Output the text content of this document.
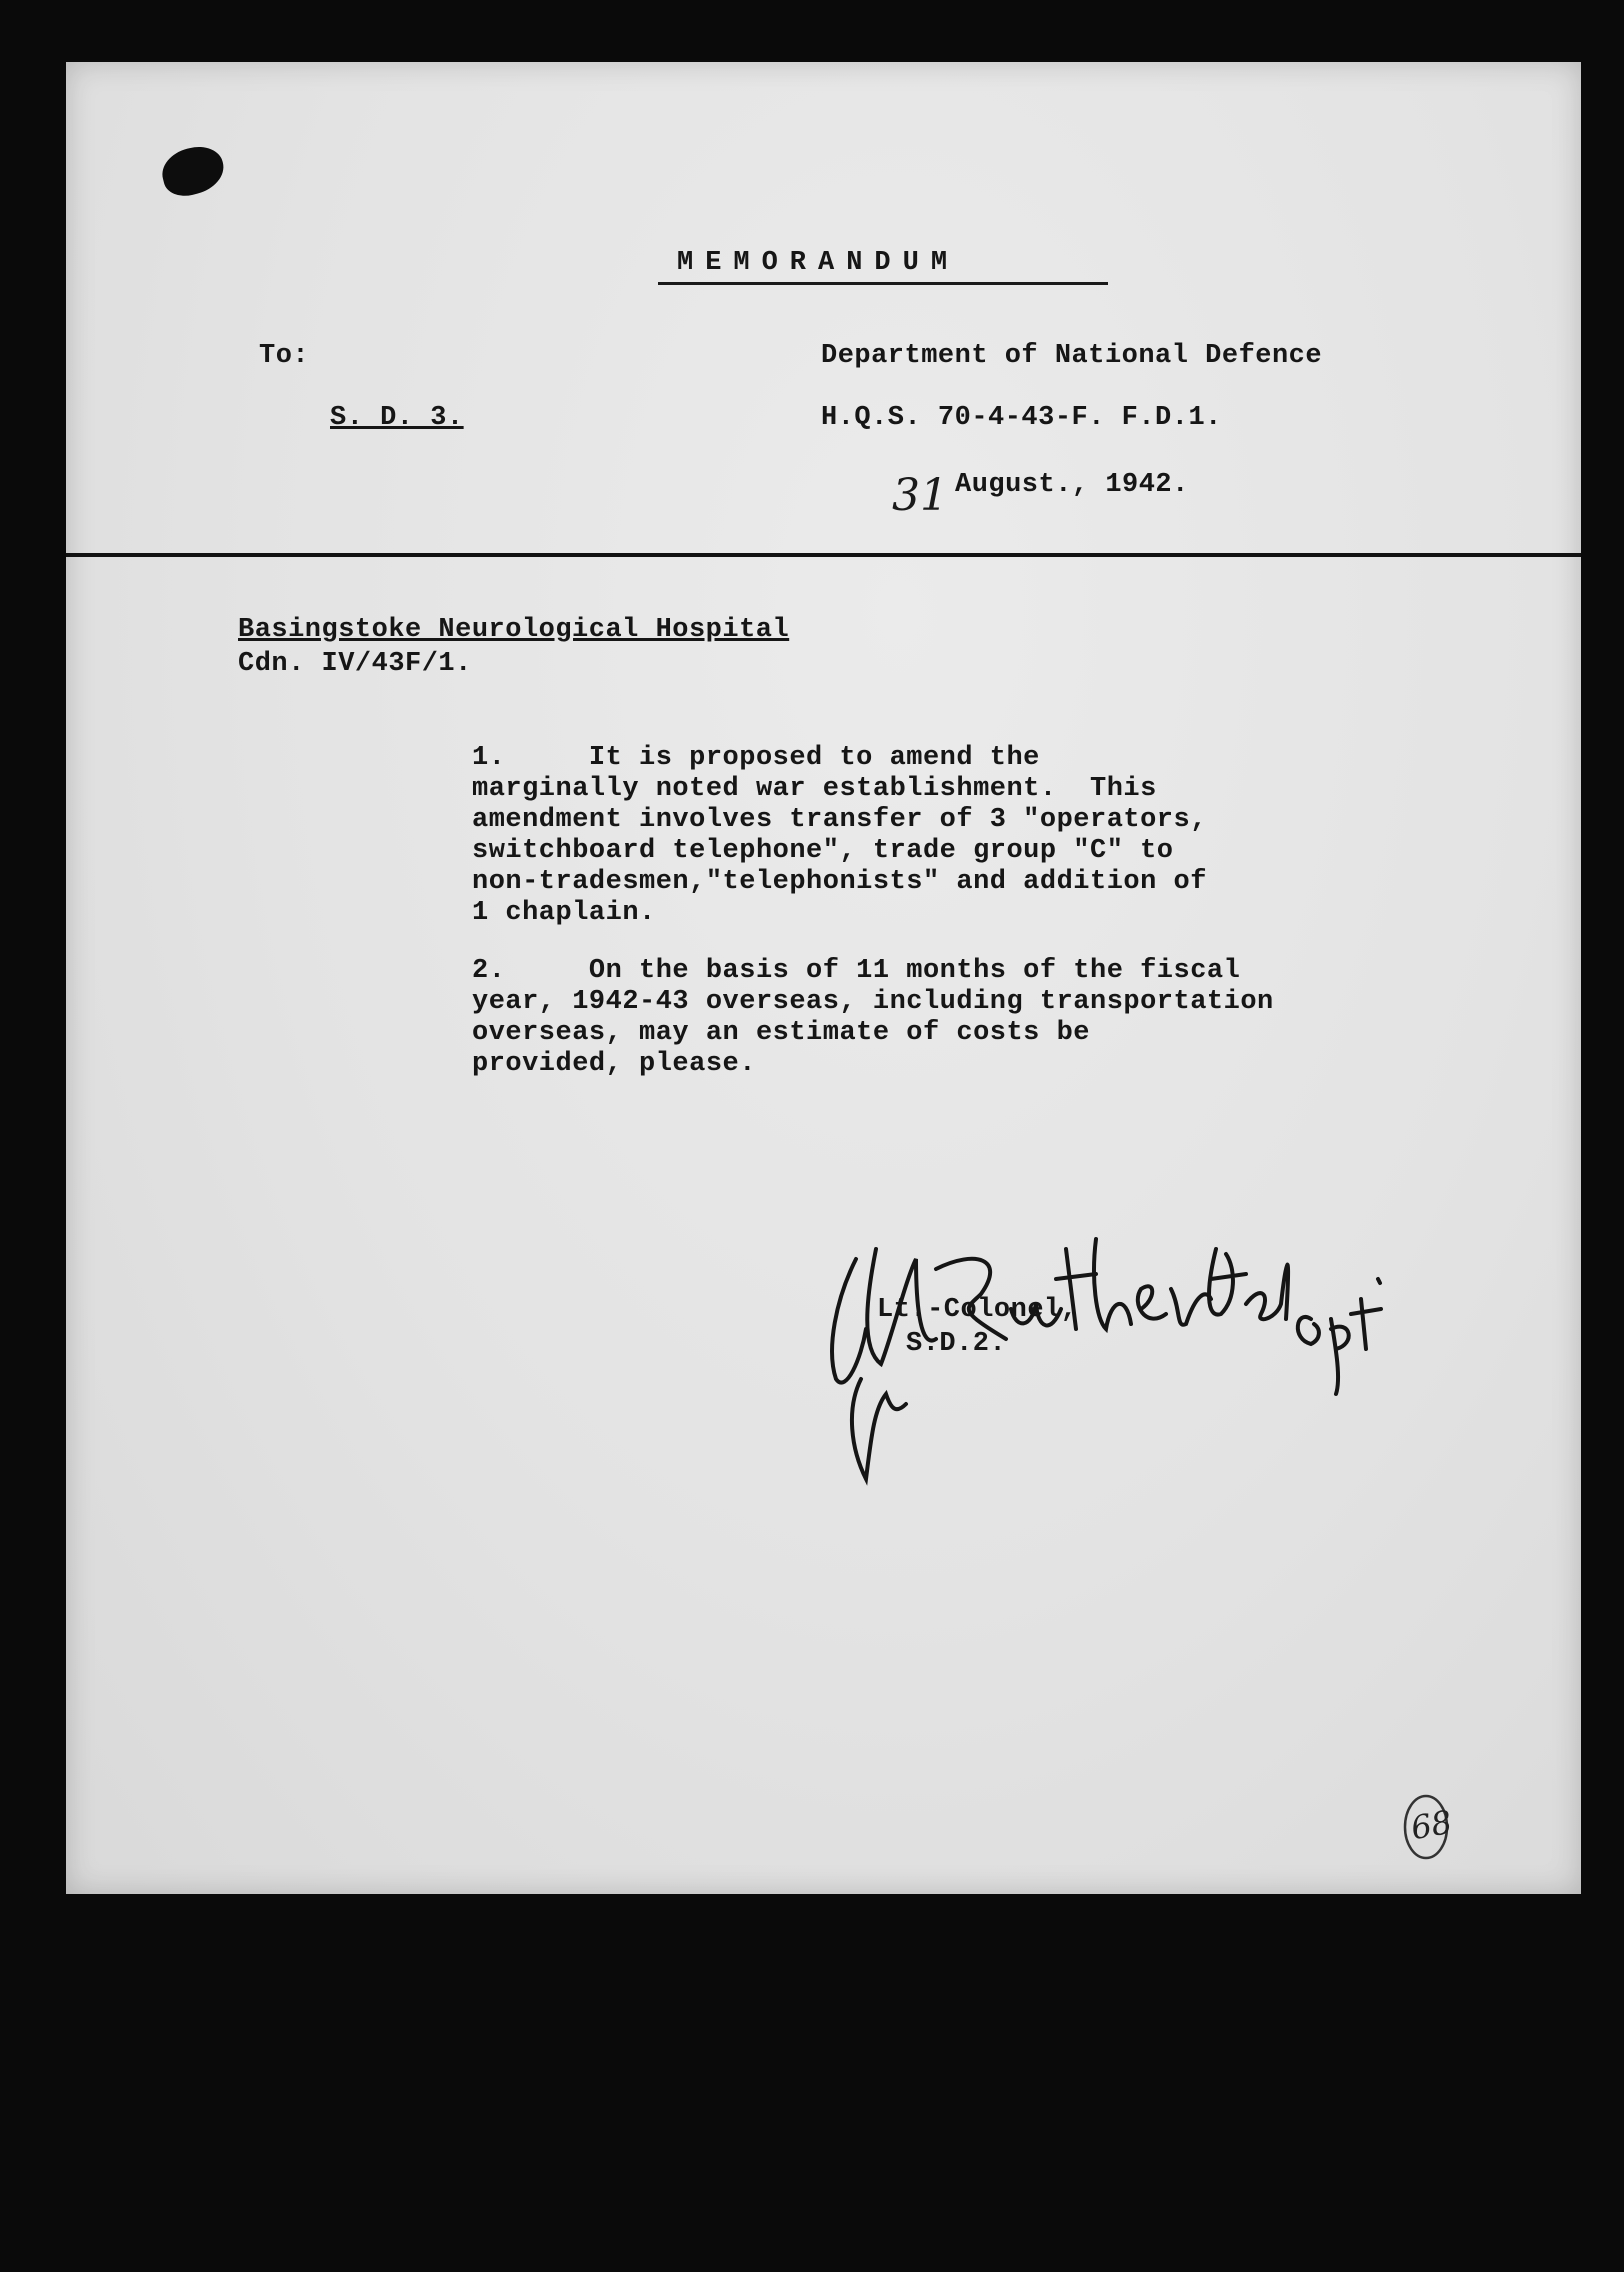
MEMORANDUM

To:

S. D. 3.

Department of National Defence

H.Q.S. 70-4-43-F. F.D.1.

31 August., 1942.

Basingstoke Neurological Hospital

Cdn. IV/43F/1.

1.     It is proposed to amend the
marginally noted war establishment.  This
amendment involves transfer of 3 "operators,
switchboard telephone", trade group "C" to
non-tradesmen,"telephonists" and addition of
1 chaplain.

2.     On the basis of 11 months of the fiscal
year, 1942-43 overseas, including transportation
overseas, may an estimate of costs be
provided, please.

Lt.-Colonel,

S.D.2.

68
